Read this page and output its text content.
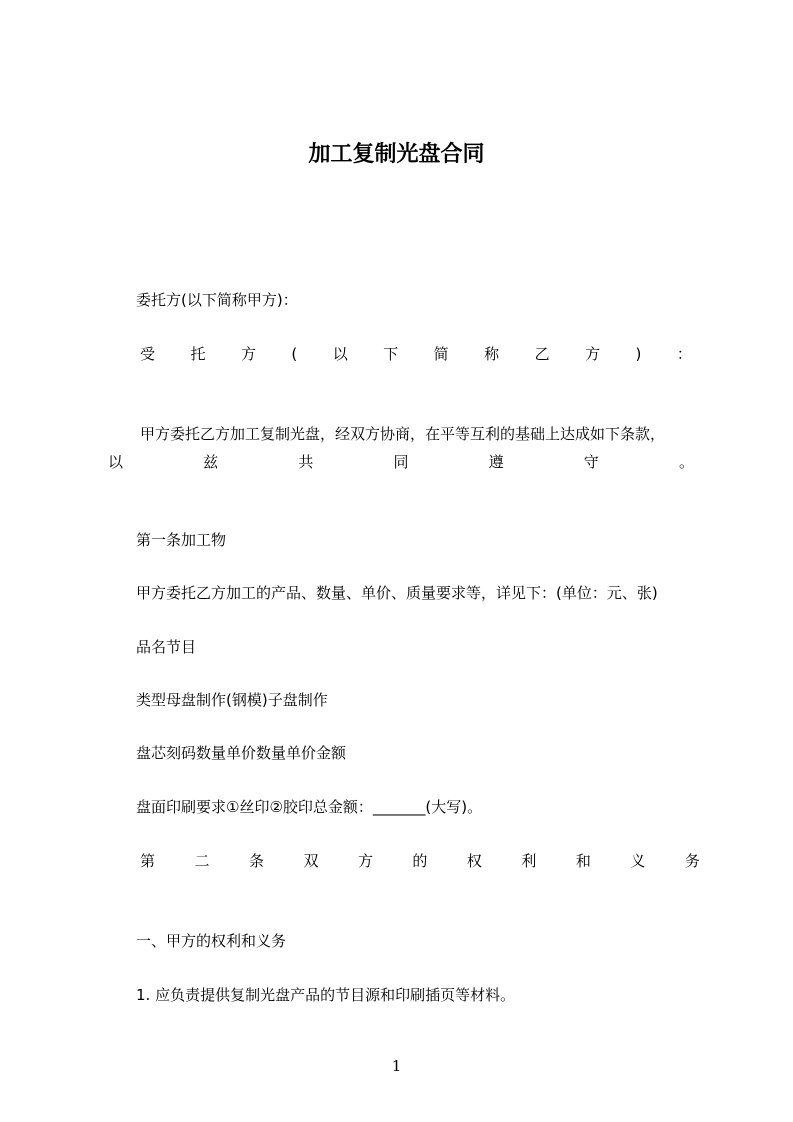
加工复制光盘合同

委托方(以下简称甲方)：

受 托 方 ( 以 下 简 称 乙 方 ) ：

甲方委托乙方加工复制光盘，经双方协商，在平等互利的基础上达成如下条款，

以	兹	共	同	遵	守	。

第一条加工物

甲方委托乙方加工的产品、数量、单价、质量要求等，详见下：(单位：元、张)

品名节目

类型母盘制作(钢模)子盘制作

盘芯刻码数量单价数量单价金额

盘面印刷要求①丝印②胶印总金额：_______(大写)。

第	二	条	双	方	的	权	利	和	义	务

一、甲方的权利和义务

1. 应负责提供复制光盘产品的节目源和印刷插页等材料。

1
